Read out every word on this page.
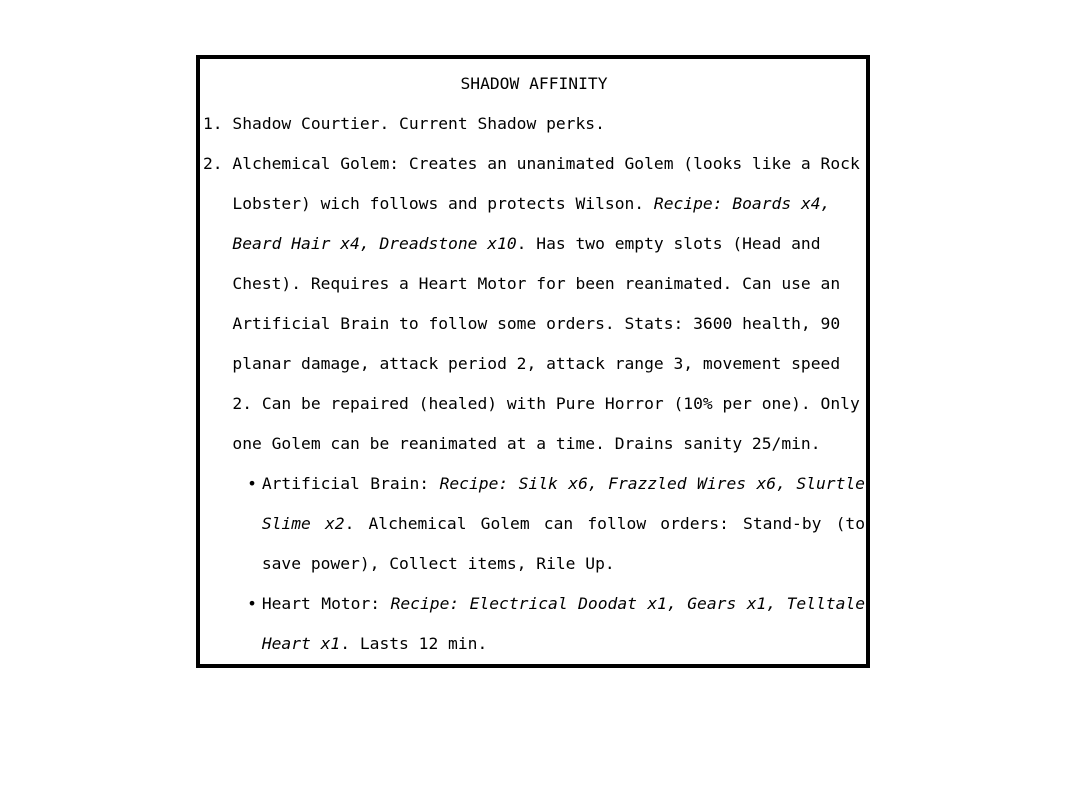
SHADOW AFFINITY
1. Shadow Courtier. Current Shadow perks.
2. Alchemical Golem: Creates an unanimated Golem (looks like a Rock Lobster) wich follows and protects Wilson. Recipe: Boards x4, Beard Hair x4, Dreadstone x10. Has two empty slots (Head and Chest). Requires a Heart Motor for been reanimated. Can use an Artificial Brain to follow some orders. Stats: 3600 health, 90 planar damage, attack period 2, attack range 3, movement speed 2. Can be repaired (healed) with Pure Horror (10% per one). Only one Golem can be reanimated at a time. Drains sanity 25/min.
• Artificial Brain: Recipe: Silk x6, Frazzled Wires x6, Slurtle Slime x2. Alchemical Golem can follow orders: Stand-by (to save power), Collect items, Rile Up.
• Heart Motor: Recipe: Electrical Doodat x1, Gears x1, Telltale Heart x1. Lasts 12 min.
